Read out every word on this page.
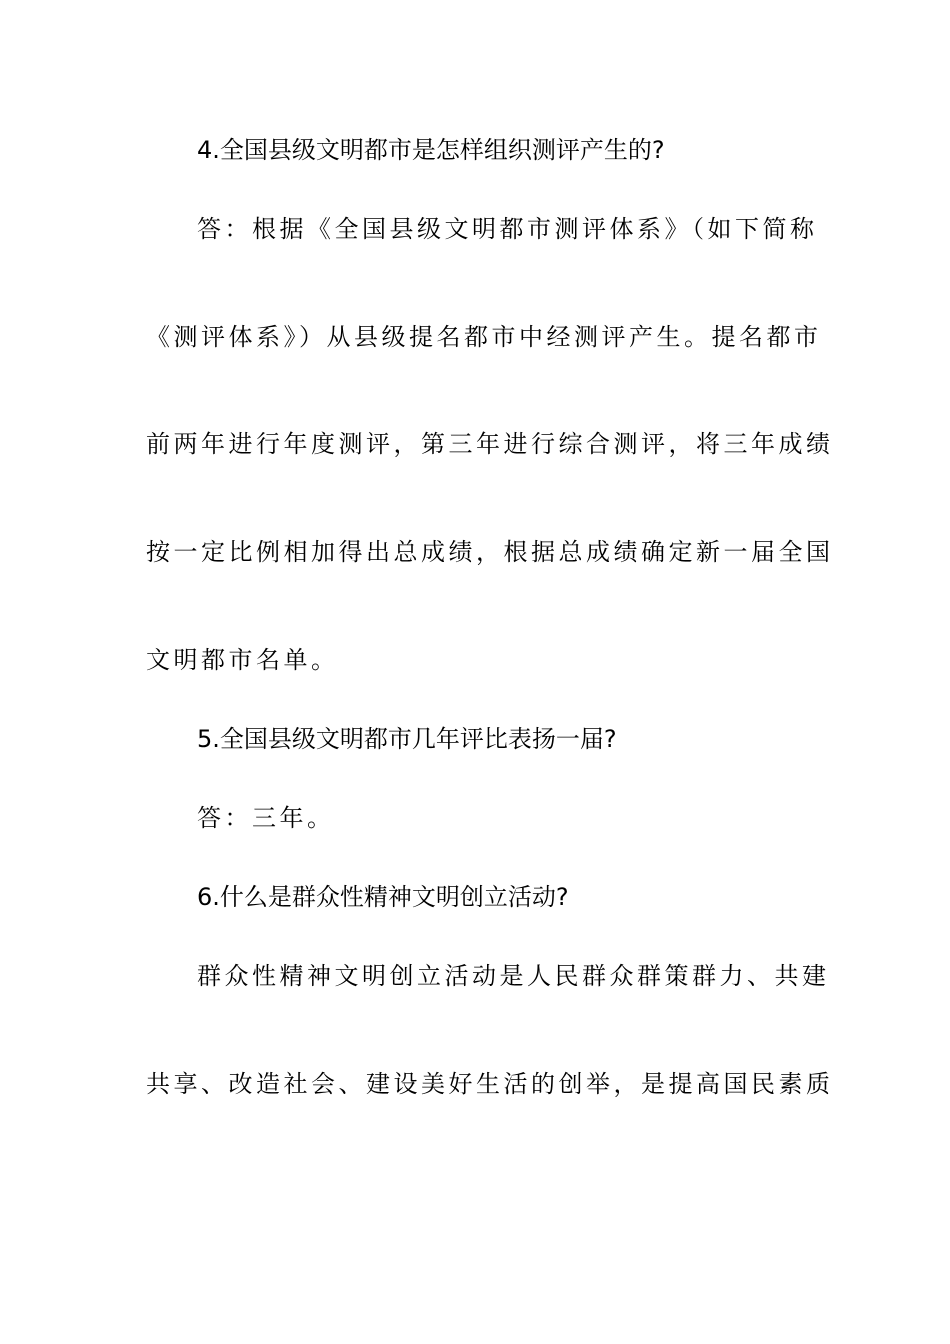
4.全国县级文明都市是怎样组织测评产生的?
答：根据《全国县级文明都市测评体系》（如下简称
《测评体系》）从县级提名都市中经测评产生。提名都市
前两年进行年度测评，第三年进行综合测评，将三年成绩
按一定比例相加得出总成绩，根据总成绩确定新一届全国
文明都市名单。
5.全国县级文明都市几年评比表扬一届?
答：三年。
6.什么是群众性精神文明创立活动?
群众性精神文明创立活动是人民群众群策群力、共建
共享、改造社会、建设美好生活的创举，是提高国民素质
